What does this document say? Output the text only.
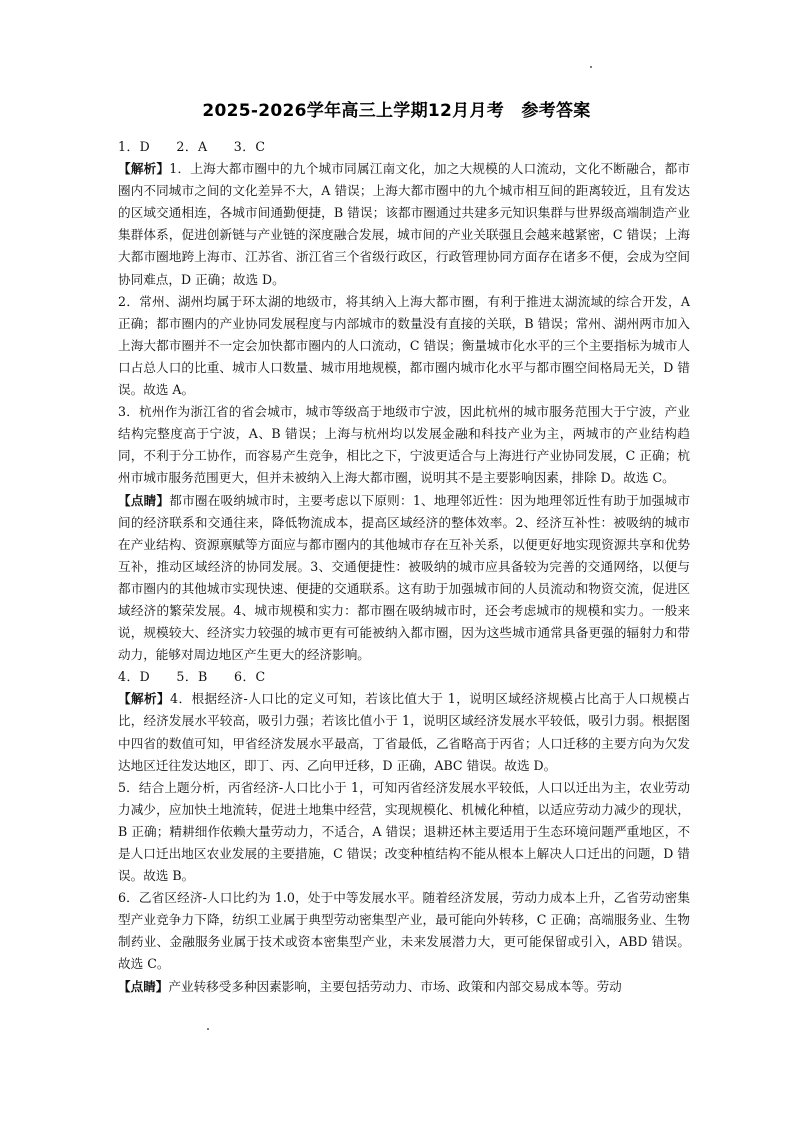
2025-2026学年高三上学期12月月考　参考答案

1．D　　2．A　　3．C

【解析】1．上海大都市圈中的九个城市同属江南文化，加之大规模的人口流动，文化不断融合，都市圈内不同城市之间的文化差异不大，A 错误；上海大都市圈中的九个城市相互间的距离较近，且有发达的区域交通相连，各城市间通勤便捷，B 错误；该都市圈通过共建多元知识集群与世界级高端制造产业集群体系，促进创新链与产业链的深度融合发展，城市间的产业关联强且会越来越紧密，C 错误；上海大都市圈地跨上海市、江苏省、浙江省三个省级行政区，行政管理协同方面存在诸多不便，会成为空间协同难点，D 正确；故选 D。

2．常州、湖州均属于环太湖的地级市，将其纳入上海大都市圈，有利于推进太湖流域的综合开发，A 正确；都市圈内的产业协同发展程度与内部城市的数量没有直接的关联，B 错误；常州、湖州两市加入上海大都市圈并不一定会加快都市圈内的人口流动，C 错误；衡量城市化水平的三个主要指标为城市人口占总人口的比重、城市人口数量、城市用地规模，都市圈内城市化水平与都市圈空间格局无关，D 错误。故选 A。

3．杭州作为浙江省的省会城市，城市等级高于地级市宁波，因此杭州的城市服务范围大于宁波，产业结构完整度高于宁波，A、B 错误；上海与杭州均以发展金融和科技产业为主，两城市的产业结构趋同，不利于分工协作，而容易产生竞争，相比之下，宁波更适合与上海进行产业协同发展，C 正确；杭州市城市服务范围更大，但并未被纳入上海大都市圈，说明其不是主要影响因素，排除 D。故选 C。

【点睛】都市圈在吸纳城市时，主要考虑以下原则：1、地理邻近性：因为地理邻近性有助于加强城市间的经济联系和交通往来，降低物流成本，提高区域经济的整体效率。2、经济互补性：被吸纳的城市在产业结构、资源禀赋等方面应与都市圈内的其他城市存在互补关系，以便更好地实现资源共享和优势互补，推动区域经济的协同发展。3、交通便捷性：被吸纳的城市应具备较为完善的交通网络，以便与都市圈内的其他城市实现快速、便捷的交通联系。这有助于加强城市间的人员流动和物资交流，促进区域经济的繁荣发展。4、城市规模和实力：都市圈在吸纳城市时，还会考虑城市的规模和实力。一般来说，规模较大、经济实力较强的城市更有可能被纳入都市圈，因为这些城市通常具备更强的辐射力和带动力，能够对周边地区产生更大的经济影响。

4．D　　5．B　　6．C

【解析】4．根据经济-人口比的定义可知，若该比值大于 1，说明区域经济规模占比高于人口规模占比，经济发展水平较高，吸引力强；若该比值小于 1，说明区域经济发展水平较低，吸引力弱。根据图中四省的数值可知，甲省经济发展水平最高，丁省最低，乙省略高于丙省；人口迁移的主要方向为欠发达地区迁往发达地区，即丁、丙、乙向甲迁移，D 正确，ABC 错误。故选 D。

5．结合上题分析，丙省经济-人口比小于 1，可知丙省经济发展水平较低，人口以迁出为主，农业劳动力减少，应加快土地流转，促进土地集中经营，实现规模化、机械化种植，以适应劳动力减少的现状，B 正确；精耕细作依赖大量劳动力，不适合，A 错误；退耕还林主要适用于生态环境问题严重地区，不是人口迁出地区农业发展的主要措施，C 错误；改变种植结构不能从根本上解决人口迁出的问题，D 错误。故选 B。

6．乙省区经济-人口比约为 1.0，处于中等发展水平。随着经济发展，劳动力成本上升，乙省劳动密集型产业竞争力下降，纺织工业属于典型劳动密集型产业，最可能向外转移，C 正确；高端服务业、生物制药业、金融服务业属于技术或资本密集型产业，未来发展潜力大，更可能保留或引入，ABD 错误。故选 C。

【点睛】产业转移受多种因素影响，主要包括劳动力、市场、政策和内部交易成本等。劳动
